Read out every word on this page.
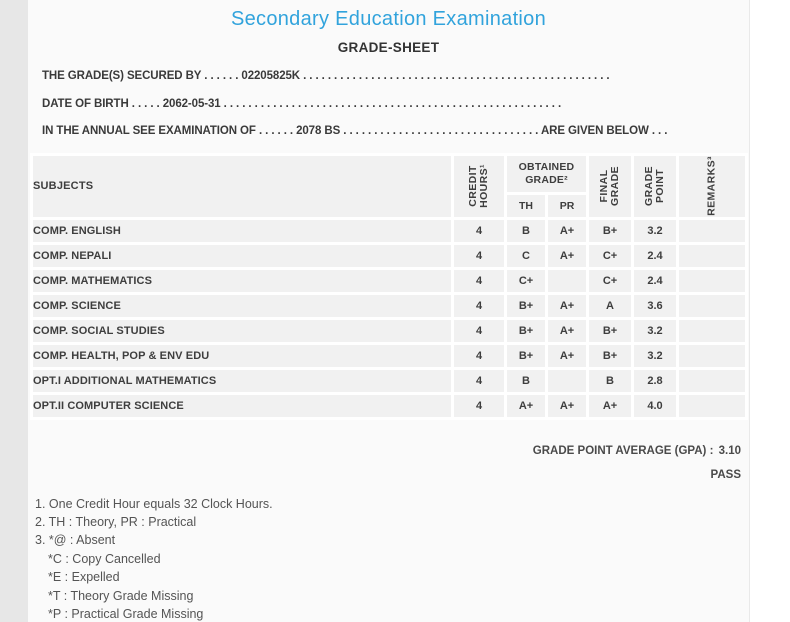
Secondary Education Examination
GRADE-SHEET
THE GRADE(S) SECURED BY . . . . . . 02205825K . . . . . . . . . . . . . . . . . . . . . . . . . . . . . . . . . . . . . . . . . . . . . . . . . .
DATE OF BIRTH . . . . . 2062-05-31 . . . . . . . . . . . . . . . . . . . . . . . . . . . . . . . . . . . . . . . . . . . . . . . . . . . . . . .
IN THE ANNUAL SEE EXAMINATION OF . . . . . . 2078 BS . . . . . . . . . . . . . . . . . . . . . . . . . . . . . . . . ARE GIVEN BELOW . . .
SUBJECTS	CREDIT HOURS¹	OBTAINED GRADE²		FINAL GRADE	GRADE POINT	REMARKS³

		TH	PR			
COMP. ENGLISH	4	B	A+	B+	3.2	
COMP. NEPALI	4	C	A+	C+	2.4	
COMP. MATHEMATICS	4	C+		C+	2.4	
COMP. SCIENCE	4	B+	A+	A	3.6	
COMP. SOCIAL STUDIES	4	B+	A+	B+	3.2	
COMP. HEALTH, POP & ENV EDU	4	B+	A+	B+	3.2	
OPT.I ADDITIONAL MATHEMATICS	4	B		B	2.8	
OPT.II COMPUTER SCIENCE	4	A+	A+	A+	4.0	
GRADE POINT AVERAGE (GPA) : 3.10
PASS
1. One Credit Hour equals 32 Clock Hours.
2. TH : Theory, PR : Practical
3. *@ : Absent
*C : Copy Cancelled
*E : Expelled
*T : Theory Grade Missing
*P : Practical Grade Missing
